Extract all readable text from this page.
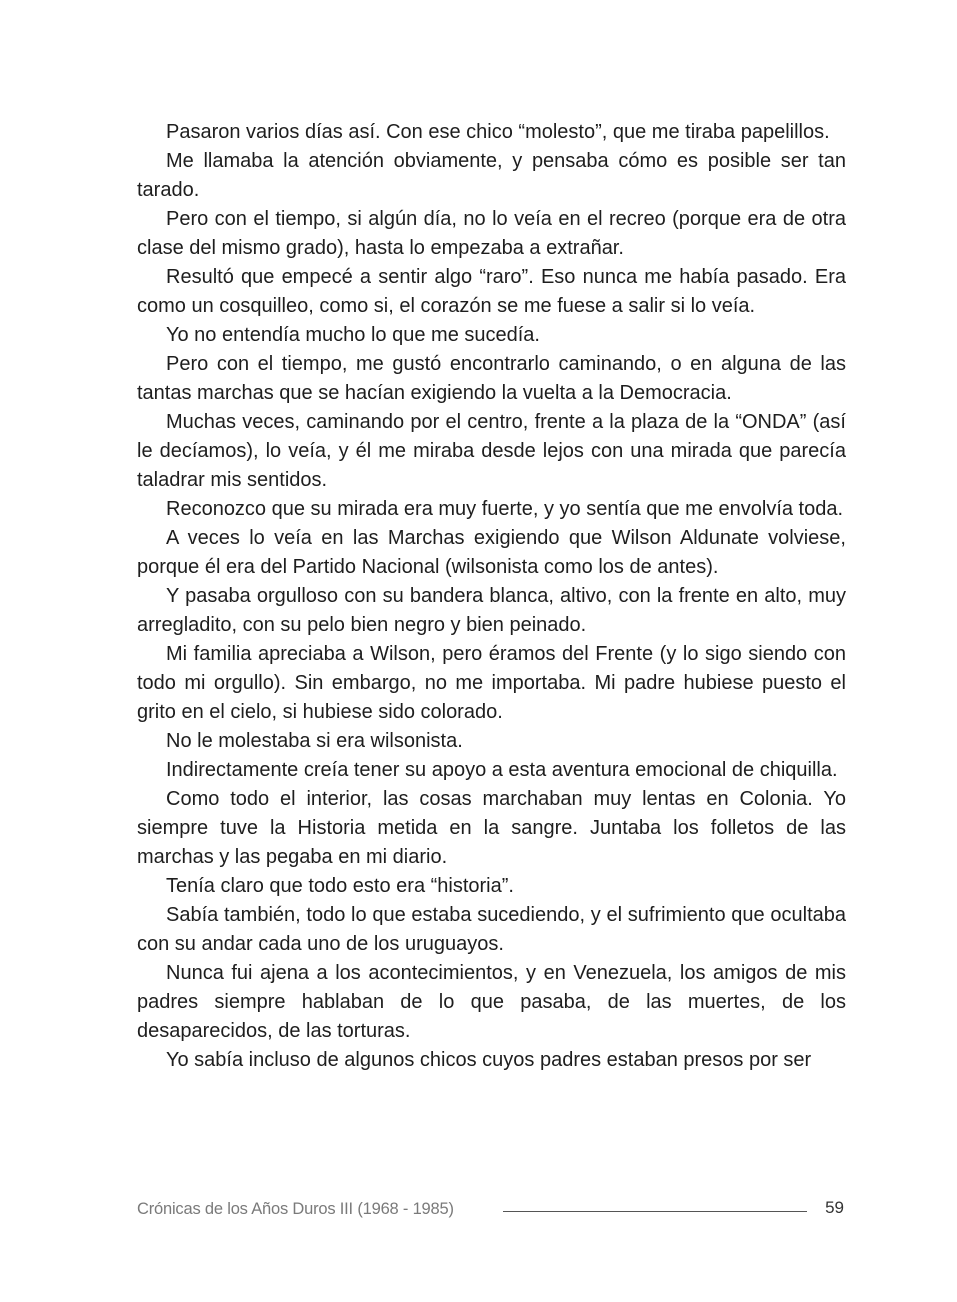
Pasaron varios días así. Con ese chico “molesto”, que me tiraba papelillos.

Me llamaba la atención obviamente, y pensaba cómo es posible ser tan tarado.

Pero con el tiempo, si algún día, no lo veía en el recreo (porque era de otra clase del mismo grado), hasta lo empezaba a extrañar.

Resultó que empecé a sentir algo “raro”. Eso nunca me había pasado. Era como un cosquilleo, como si, el corazón se me fuese a salir si lo veía.

Yo no entendía mucho lo que me sucedía.

Pero con el tiempo, me gustó encontrarlo caminando, o en alguna de las tantas marchas que se hacían exigiendo la vuelta a la Democracia.

Muchas veces, caminando por el centro, frente a la plaza de la “ONDA” (así le decíamos), lo veía, y él me miraba desde lejos con una mirada que parecía taladrar mis sentidos.

Reconozco que su mirada era muy fuerte, y yo sentía que me envolvía toda.

A veces lo veía en las Marchas exigiendo que Wilson Aldunate volviese, porque él era del Partido Nacional (wilsonista como los de antes).

Y pasaba orgulloso con su bandera blanca, altivo, con la frente en alto, muy arregladito, con su pelo bien negro y bien peinado.

Mi familia apreciaba a Wilson, pero éramos del Frente (y lo sigo siendo con todo mi orgullo). Sin embargo, no me importaba. Mi padre hubiese puesto el grito en el cielo, si hubiese sido colorado.

No le molestaba si era wilsonista.

Indirectamente creía tener su apoyo a esta aventura emocional de chiquilla.

Como todo el interior, las cosas marchaban muy lentas en Colonia. Yo siempre tuve la Historia metida en la sangre. Juntaba los folletos de las marchas y las pegaba en mi diario.

Tenía claro que todo esto era “historia”.

Sabía también, todo lo que estaba sucediendo, y el sufrimiento que ocultaba con su andar cada uno de los uruguayos.

Nunca fui ajena a los acontecimientos, y en Venezuela, los amigos de mis padres siempre hablaban de lo que pasaba, de las muertes, de los desaparecidos, de las torturas.

Yo sabía incluso de algunos chicos cuyos padres estaban presos por ser

Crónicas de los Años Duros III (1968 - 1985)	59
